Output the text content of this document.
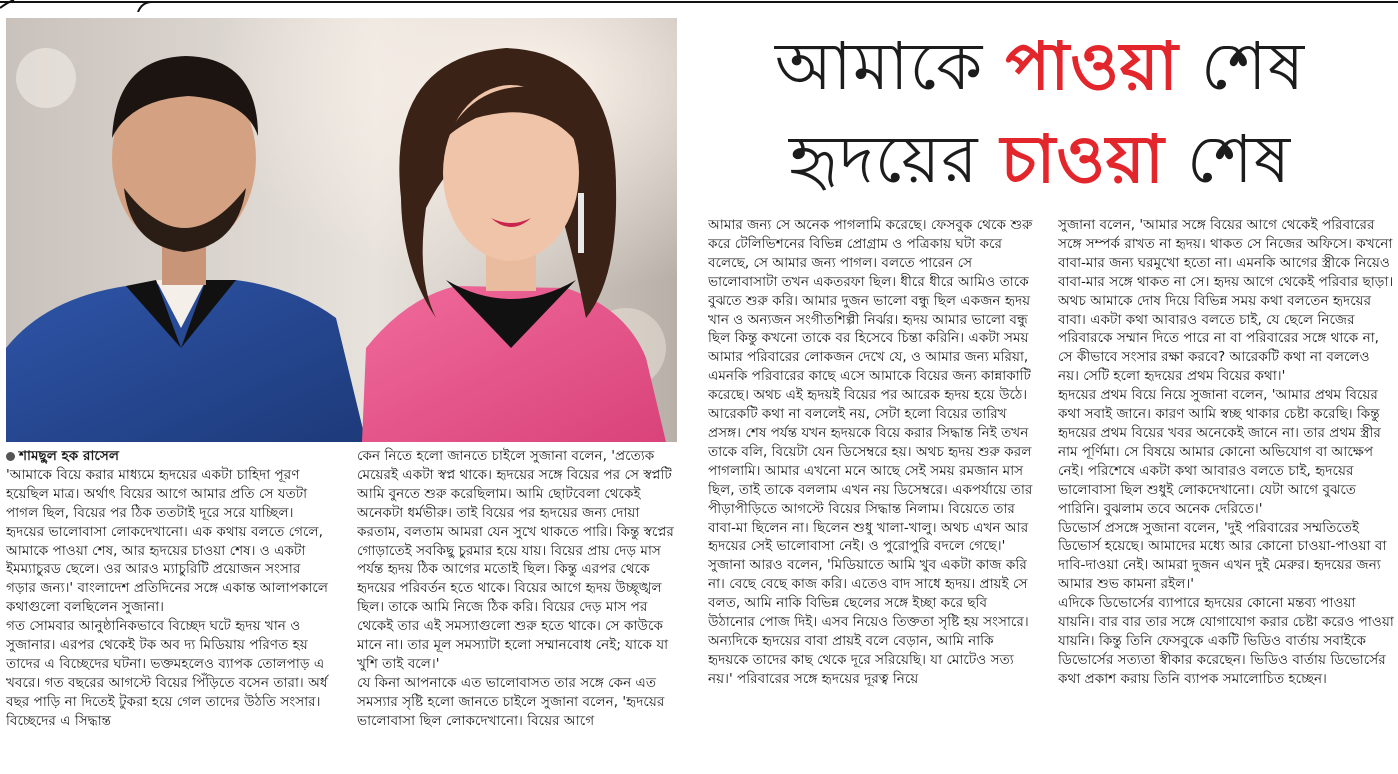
আমাকে পাওয়া শেষ
হৃদয়ের চাওয়া শেষ

শামছুল হক রাসেল

'আমাকে বিয়ে করার মাধ্যমে হৃদয়ের একটা চাহিদা পূরণ হয়েছিল মাত্র। অর্থাৎ বিয়ের আগে আমার প্রতি সে যতটা পাগল ছিল, বিয়ের পর ঠিক ততটাই দূরে সরে যাচ্ছিল। হৃদয়ের ভালোবাসা লোকদেখানো। এক কথায় বলতে গেলে, আমাকে পাওয়া শেষ, আর হৃদয়ের চাওয়া শেষ। ও একটা ইমম্যাচুরড ছেলে। ওর আরও ম্যাচুরিটি প্রয়োজন সংসার গড়ার জন্য।' বাংলাদেশ প্রতিদিনের সঙ্গে একান্ত আলাপকালে কথাগুলো বলছিলেন সুজানা।

গত সোমবার আনুষ্ঠানিকভাবে বিচ্ছেদ ঘটে হৃদয় খান ও সুজানার। এরপর থেকেই টক অব দ্য মিডিয়ায় পরিণত হয় তাদের এ বিচ্ছেদের ঘটনা। ভক্তমহলেও ব্যাপক তোলপাড় এ খবরে। গত বছরের আগস্টে বিয়ের পিঁড়িতে বসেন তারা। অর্ধ বছর পাড়ি না দিতেই টুকরা হয়ে গেল তাদের উঠতি সংসার। বিচ্ছেদের এ সিদ্ধান্ত

কেন নিতে হলো জানতে চাইলে সুজানা বলেন, 'প্রত্যেক মেয়েরই একটা স্বপ্ন থাকে। হৃদয়ের সঙ্গে বিয়ের পর সে স্বপ্নটি আমি বুনতে শুরু করেছিলাম। আমি ছোটবেলা থেকেই অনেকটা ধর্মভীরু। তাই বিয়ের পর হৃদয়ের জন্য দোয়া করতাম, বলতাম আমরা যেন সুখে থাকতে পারি। কিন্তু স্বপ্নের গোড়াতেই সবকিছু চুরমার হয়ে যায়। বিয়ের প্রায় দেড় মাস পর্যন্ত হৃদয় ঠিক আগের মতোই ছিল। কিন্তু এরপর থেকে হৃদয়ের পরিবর্তন হতে থাকে। বিয়ের আগে হৃদয় উচ্ছৃঙ্খল ছিল। তাকে আমি নিজে ঠিক করি। বিয়ের দেড় মাস পর থেকেই তার এই সমস্যাগুলো শুরু হতে থাকে। সে কাউকে মানে না। তার মূল সমস্যাটা হলো সম্মানবোধ নেই; যাকে যা খুশি তাই বলে।'

যে কিনা আপনাকে এত ভালোবাসত তার সঙ্গে কেন এত সমস্যার সৃষ্টি হলো জানতে চাইলে সুজানা বলেন, 'হৃদয়ের ভালোবাসা ছিল লোকদেখানো। বিয়ের আগে

আমার জন্য সে অনেক পাগলামি করেছে। ফেসবুক থেকে শুরু করে টেলিভিশনের বিভিন্ন প্রোগ্রাম ও পত্রিকায় ঘটা করে বলেছে, সে আমার জন্য পাগল। বলতে পারেন সে ভালোবাসাটা তখন একতরফা ছিল। ধীরে ধীরে আমিও তাকে বুঝতে শুরু করি। আমার দুজন ভালো বন্ধু ছিল একজন হৃদয় খান ও অন্যজন সংগীতশিল্পী নির্ঝর। হৃদয় আমার ভালো বন্ধু ছিল কিন্তু কখনো তাকে বর হিসেবে চিন্তা করিনি। একটা সময় আমার পরিবারের লোকজন দেখে যে, ও আমার জন্য মরিয়া, এমনকি পরিবারের কাছে এসে আমাকে বিয়ের জন্য কান্নাকাটি করেছে। অথচ এই হৃদয়ই বিয়ের পর আরেক হৃদয় হয়ে উঠে। আরেকটি কথা না বললেই নয়, সেটা হলো বিয়ের তারিখ প্রসঙ্গ। শেষ পর্যন্ত যখন হৃদয়কে বিয়ে করার সিদ্ধান্ত নিই তখন তাকে বলি, বিয়েটা যেন ডিসেম্বরে হয়। অথচ হৃদয় শুরু করল পাগলামি। আমার এখনো মনে আছে সেই সময় রমজান মাস ছিল, তাই তাকে বললাম এখন নয় ডিসেম্বরে। একপর্যায়ে তার পীড়াপীড়িতে আগস্টে বিয়ের সিদ্ধান্ত নিলাম। বিয়েতে তার বাবা-মা ছিলেন না। ছিলেন শুধু খালা-খালু। অথচ এখন আর হৃদয়ের সেই ভালোবাসা নেই। ও পুরোপুরি বদলে গেছে।'

সুজানা আরও বলেন, 'মিডিয়াতে আমি খুব একটা কাজ করি না। বেছে বেছে কাজ করি। এতেও বাদ সাধে হৃদয়। প্রায়ই সে বলত, আমি নাকি বিভিন্ন ছেলের সঙ্গে ইচ্ছা করে ছবি উঠানোর পোজ দিই। এসব নিয়েও তিক্ততা সৃষ্টি হয় সংসারে। অন্যদিকে হৃদয়ের বাবা প্রায়ই বলে বেড়ান, আমি নাকি হৃদয়কে তাদের কাছ থেকে দূরে সরিয়েছি। যা মোটেও সত্য নয়।' পরিবারের সঙ্গে হৃদয়ের দূরত্ব নিয়ে

সুজানা বলেন, 'আমার সঙ্গে বিয়ের আগে থেকেই পরিবারের সঙ্গে সম্পর্ক রাখত না হৃদয়। থাকত সে নিজের অফিসে। কখনো বাবা-মার জন্য ঘরমুখো হতো না। এমনকি আগের স্ত্রীকে নিয়েও বাবা-মার সঙ্গে থাকত না সে। হৃদয় আগে থেকেই পরিবার ছাড়া। অথচ আমাকে দোষ দিয়ে বিভিন্ন সময় কথা বলতেন হৃদয়ের বাবা। একটা কথা আবারও বলতে চাই, যে ছেলে নিজের পরিবারকে সম্মান দিতে পারে না বা পরিবারের সঙ্গে থাকে না, সে কীভাবে সংসার রক্ষা করবে? আরেকটি কথা না বললেও নয়। সেটি হলো হৃদয়ের প্রথম বিয়ের কথা।'

হৃদয়ের প্রথম বিয়ে নিয়ে সুজানা বলেন, 'আমার প্রথম বিয়ের কথা সবাই জানে। কারণ আমি স্বচ্ছ থাকার চেষ্টা করেছি। কিন্তু হৃদয়ের প্রথম বিয়ের খবর অনেকেই জানে না। তার প্রথম স্ত্রীর নাম পূর্ণিমা। সে বিষয়ে আমার কোনো অভিযোগ বা আক্ষেপ নেই। পরিশেষে একটা কথা আবারও বলতে চাই, হৃদয়ের ভালোবাসা ছিল শুধুই লোকদেখানো। যেটা আগে বুঝতে পারিনি। বুঝলাম তবে অনেক দেরিতে।'

ডিভোর্স প্রসঙ্গে সুজানা বলেন, 'দুই পরিবারের সম্মতিতেই ডিভোর্স হয়েছে। আমাদের মধ্যে আর কোনো চাওয়া-পাওয়া বা দাবি-দাওয়া নেই। আমরা দুজন এখন দুই মেরুর। হৃদয়ের জন্য আমার শুভ কামনা রইল।'

এদিকে ডিভোর্সের ব্যাপারে হৃদয়ের কোনো মন্তব্য পাওয়া যায়নি। বার বার তার সঙ্গে যোগাযোগ করার চেষ্টা করেও পাওয়া যায়নি। কিন্তু তিনি ফেসবুকে একটি ভিডিও বার্তায় সবাইকে ডিভোর্সের সত্যতা স্বীকার করেছেন। ভিডিও বার্তায় ডিভোর্সের কথা প্রকাশ করায় তিনি ব্যাপক সমালোচিত হচ্ছেন।
